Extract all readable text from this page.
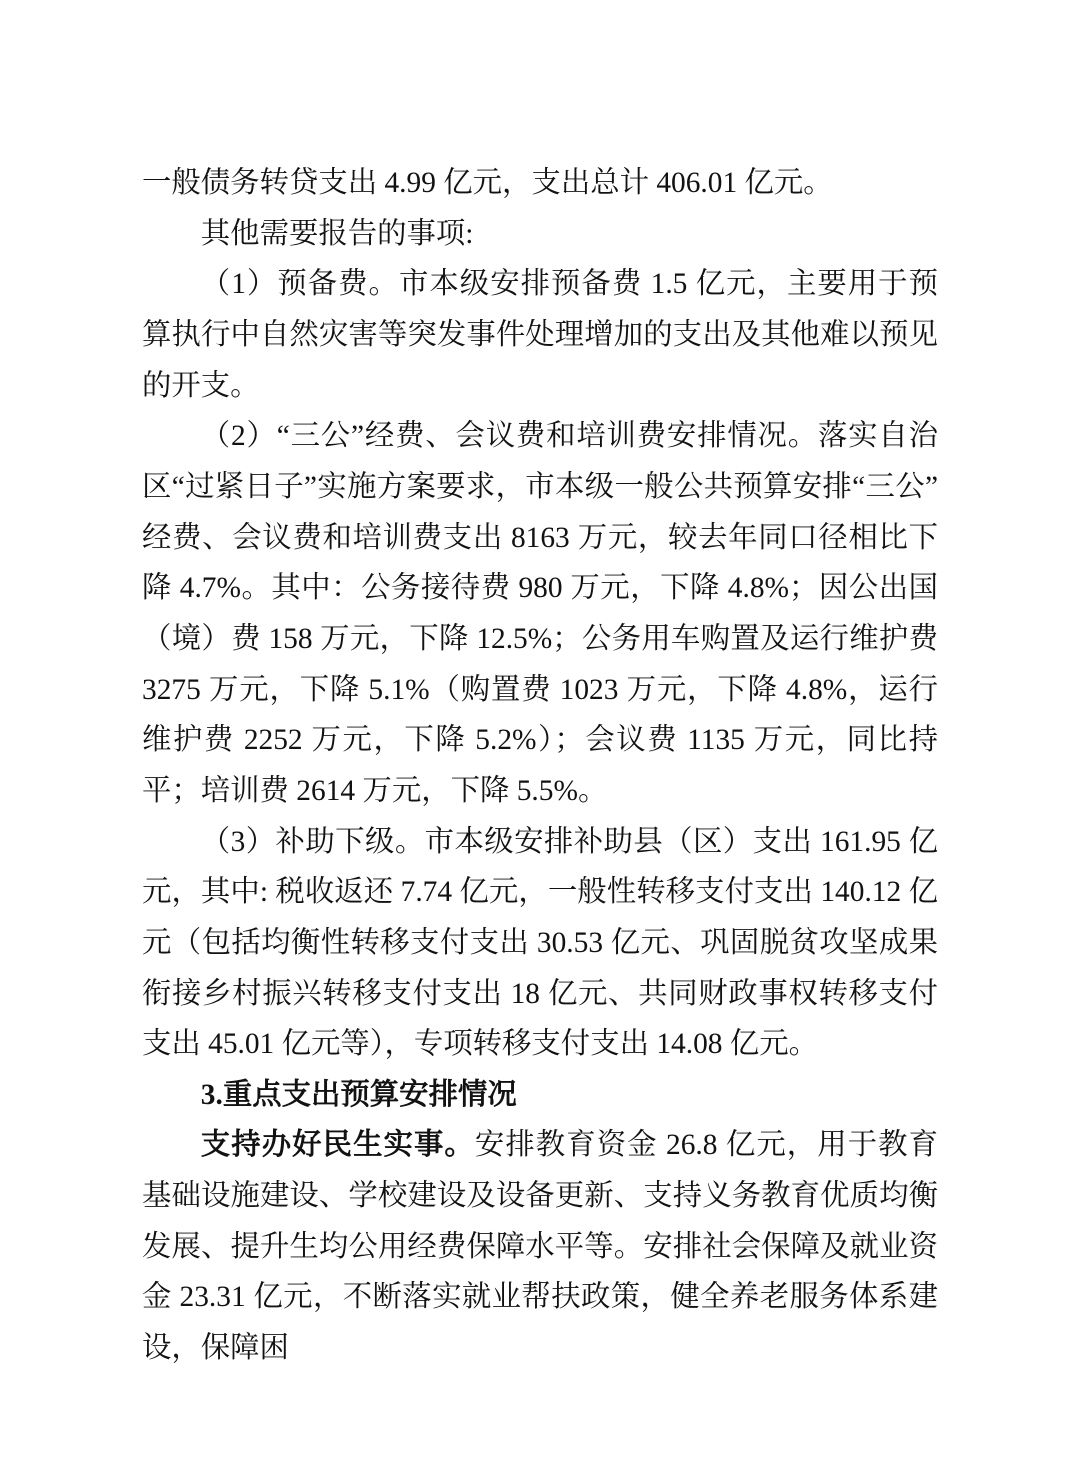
一般债务转贷支出 4.99 亿元，支出总计 406.01 亿元。

其他需要报告的事项:

（1）预备费。市本级安排预备费 1.5 亿元，主要用于预算执行中自然灾害等突发事件处理增加的支出及其他难以预见的开支。

（2）“三公”经费、会议费和培训费安排情况。落实自治区“过紧日子”实施方案要求，市本级一般公共预算安排“三公”经费、会议费和培训费支出 8163 万元，较去年同口径相比下降 4.7%。其中：公务接待费 980 万元，下降 4.8%；因公出国（境）费 158 万元，下降 12.5%；公务用车购置及运行维护费 3275 万元，下降 5.1%（购置费 1023 万元，下降 4.8%，运行维护费 2252 万元，下降 5.2%）；会议费 1135 万元，同比持平；培训费 2614 万元，下降 5.5%。

（3）补助下级。市本级安排补助县（区）支出 161.95 亿元，其中: 税收返还 7.74 亿元，一般性转移支付支出 140.12 亿元（包括均衡性转移支付支出 30.53 亿元、巩固脱贫攻坚成果衔接乡村振兴转移支付支出 18 亿元、共同财政事权转移支付支出 45.01 亿元等），专项转移支付支出 14.08 亿元。

3.重点支出预算安排情况

支持办好民生实事。安排教育资金 26.8 亿元，用于教育基础设施建设、学校建设及设备更新、支持义务教育优质均衡发展、提升生均公用经费保障水平等。安排社会保障及就业资金 23.31 亿元，不断落实就业帮扶政策，健全养老服务体系建设，保障困
